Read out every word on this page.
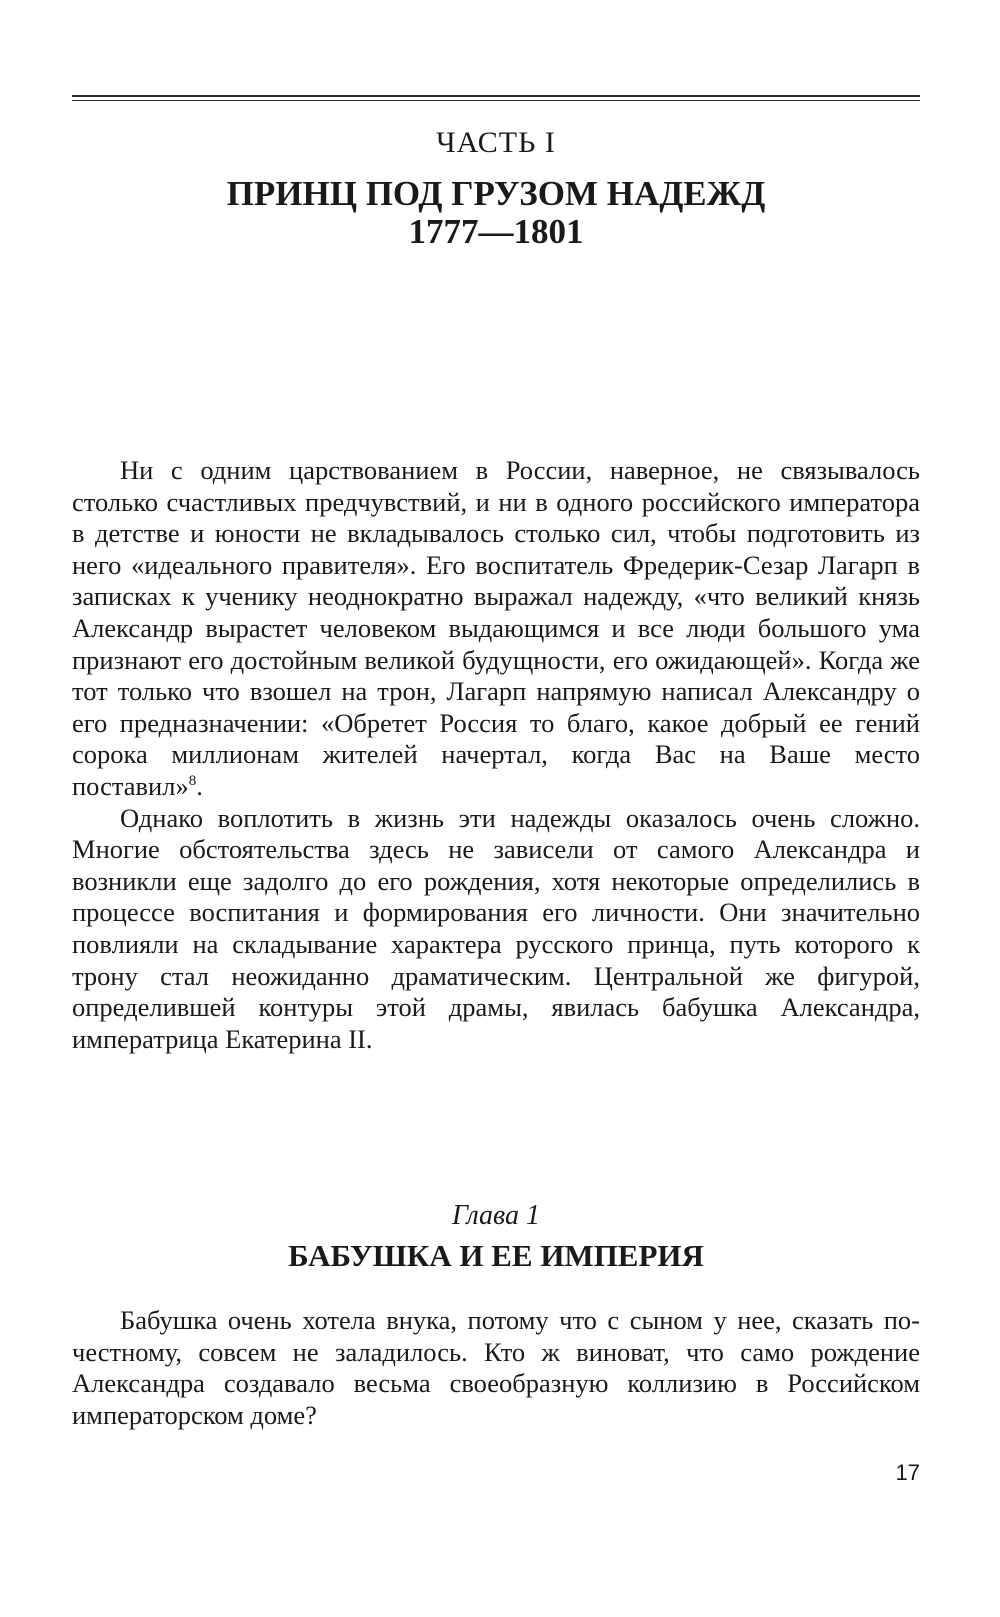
ЧАСТЬ I
ПРИНЦ ПОД ГРУЗОМ НАДЕЖД
1777—1801

Ни с одним царствованием в России, наверное, не связывалось столько счастливых предчувствий, и ни в одного российского императора в детстве и юности не вкладывалось столько сил, чтобы подготовить из него «идеального правителя». Его воспитатель Фредерик-Сезар Лагарп в записках к ученику неоднократно выражал надежду, «что великий князь Александр вырастет человеком выдающимся и все люди большого ума признают его достойным великой будущности, его ожидающей». Когда же тот только что взошел на трон, Лагарп напрямую написал Александру о его предназначении: «Обретет Россия то благо, какое добрый ее гений сорока миллионам жителей начертал, когда Вас на Ваше место поставил»$^8$.

Однако воплотить в жизнь эти надежды оказалось очень сложно. Многие обстоятельства здесь не зависели от самого Александра и возникли еще задолго до его рождения, хотя некоторые определились в процессе воспитания и формирования его личности. Они значительно повлияли на складывание характера русского принца, путь которого к трону стал неожиданно драматическим. Центральной же фигурой, определившей контуры этой драмы, явилась бабушка Александра, императрица Екатерина II.

Глава 1
БАБУШКА И ЕЕ ИМПЕРИЯ

Бабушка очень хотела внука, потому что с сыном у нее, сказать по-честному, совсем не заладилось. Кто ж виноват, что само рождение Александра создавало весьма своеобразную коллизию в Российском императорском доме?

17
